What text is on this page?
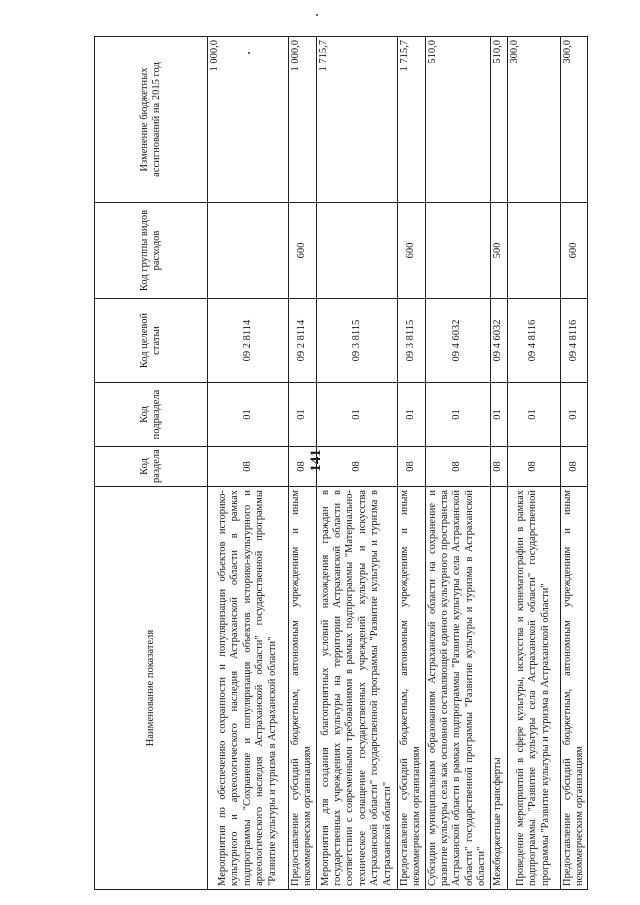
141
Наименование показателя	Код раздела	Код подраздела	Код целевой статьи	Код группы видов расходов	Изменение бюджетных ассигнований на 2015 год
Мероприятия по обеспечению сохранности и популяризации объектов историко-культурного и археологического наследия Астраханской области в рамках подпрограммы "Сохранение и популяризация объектов историко-культурного и археологического наследия Астраханской области" государственной программы "Развитие культуры и туризма в Астраханской области"	08	01	09 2 8114		1 000,0
Предоставление субсидий бюджетным, автономным учреждениям и иным некоммерческим организациям	08	01	09 2 8114	600	1 000,0
Мероприятия для создания благоприятных условий нахождения граждан в государственных учреждениях культуры на территории Астраханской области в соответствии с современными требованиями в рамках подпрограммы "Материально-техническое оснащение государственных учреждений культуры и искусства Астраханской области" государственной программы "Развитие культуры и туризма в Астраханской области"	08	01	09 3 8115		1 715,7
Предоставление субсидий бюджетным, автономным учреждениям и иным некоммерческим организациям	08	01	09 3 8115	600	1 715,7
Субсидии муниципальным образованиям Астраханской области на сохранение и развитие культуры села как основной составляющей единого культурного пространства Астраханской области в рамках подпрограммы "Развитие культуры села Астраханской области" государственной программы "Развитие культуры и туризма в Астраханской области"	08	01	09 4 6032		510,0
Межбюджетные трансферты	08	01	09 4 6032	500	510,0
Проведение мероприятий в сфере культуры, искусства и кинематографии в рамках подпрограммы "Развитие культуры села Астраханской области" государственной программы "Развитие культуры и туризма в Астраханской области"	08	01	09 4 8116		300,0
Предоставление субсидий бюджетным, автономным учреждениям и иным некоммерческим организациям	08	01	09 4 8116	600	300,0
